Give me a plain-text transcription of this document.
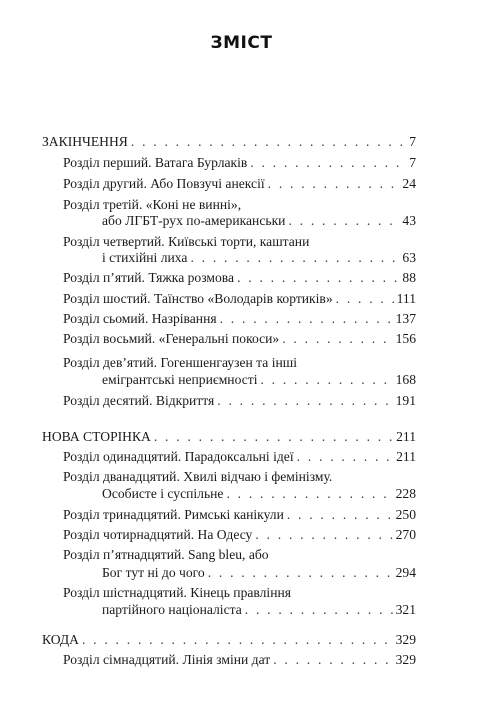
ЗМІСТ
ЗАКІНЧЕННЯ . . .	7
Розділ перший. Ватага Бурлаків . . .	7
Розділ другий. Або Повзучі анексії . . .	24
Розділ третій. «Коні не винні»,
або ЛГБТ-рух по-американськи . . .	43
Розділ четвертий. Київські торти, каштани
і стихійні лиха . . .	63
Розділ п’ятий. Тяжка розмова . . .	88
Розділ шостий. Таїнство «Володарів кортиків» . . .	111
Розділ сьомий. Назрівання . . .	137
Розділ восьмий. «Генеральні покоси» . . .	156
Розділ дев’ятий. Гогеншенгаузен та інші
емігрантські неприємності . . .	168
Розділ десятий. Відкриття . . .	191
НОВА СТОРІНКА . . .	211
Розділ одинадцятий. Парадоксальні ідеї . . .	211
Розділ дванадцятий. Хвилі відчаю і фемінізму.
Особисте і суспільне . . .	228
Розділ тринадцятий. Римські канікули . . .	250
Розділ чотирнадцятий. На Одесу . . .	270
Розділ п’ятнадцятий. Sang bleu, або
Бог тут ні до чого . . .	294
Розділ шістнадцятий. Кінець правління
партійного націоналіста . . .	321
КОДА . . .	329
Розділ сімнадцятий. Лінія зміни дат . . .	329
